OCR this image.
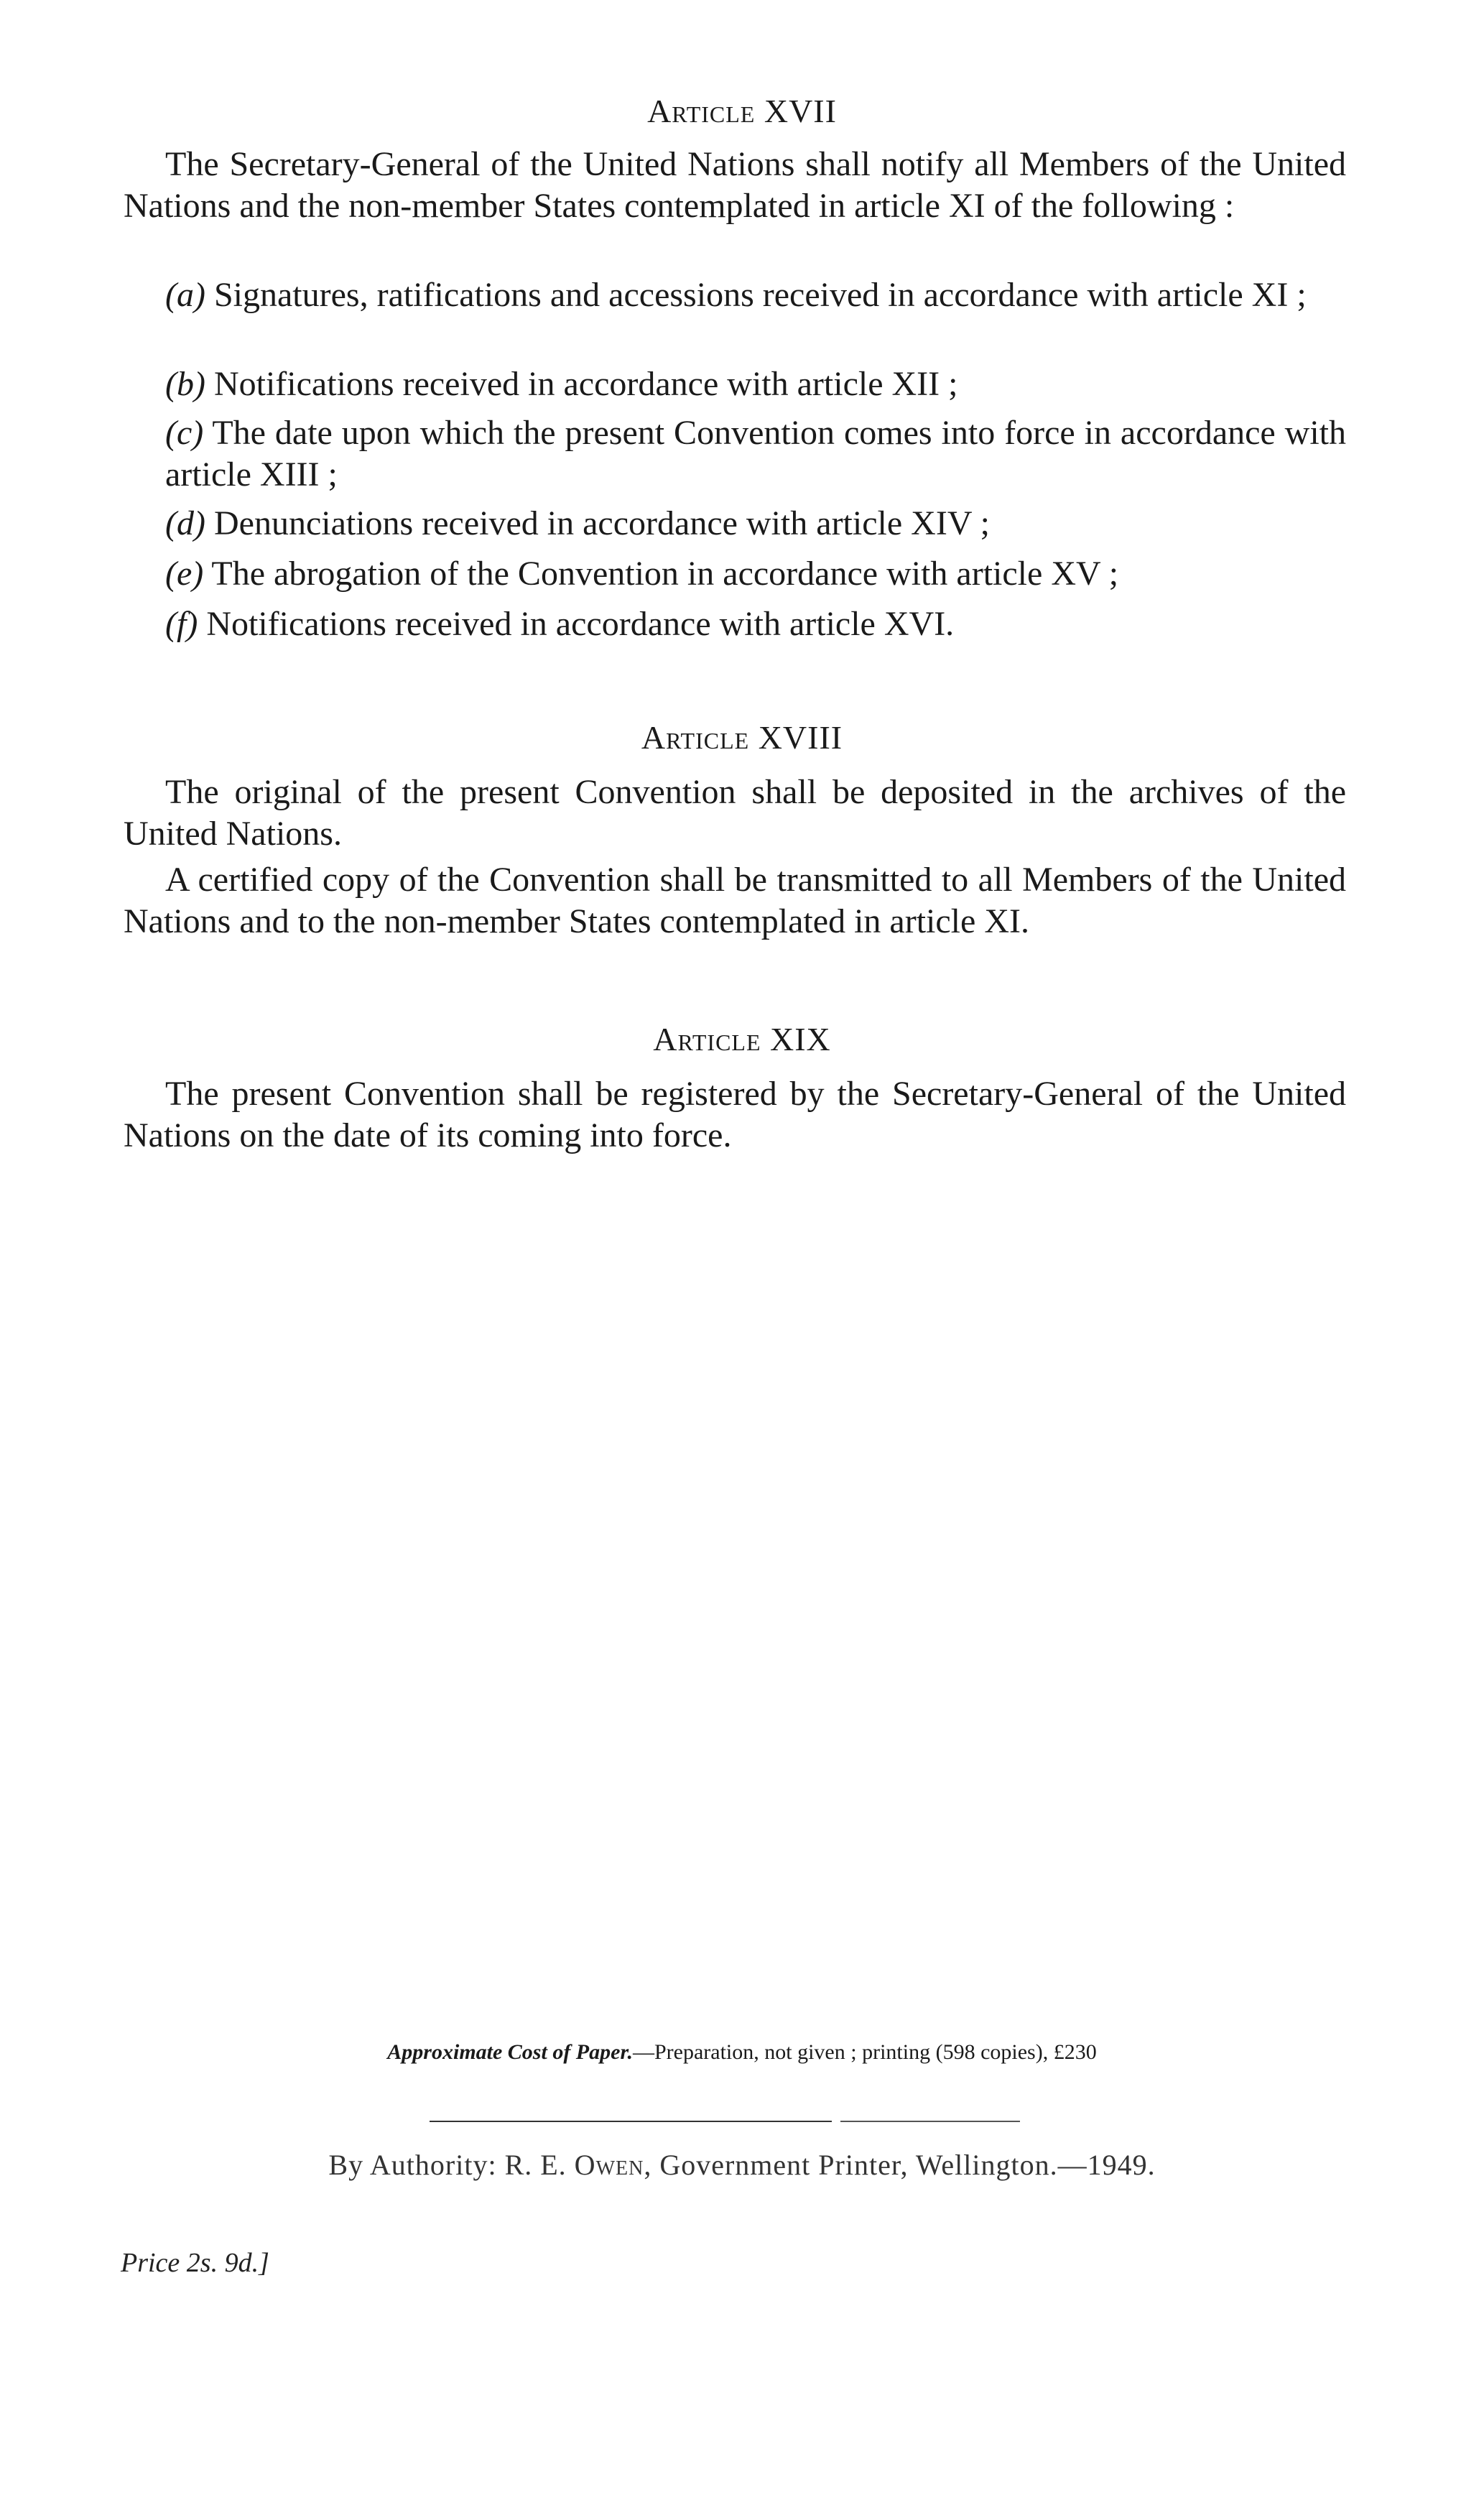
Article XVII

The Secretary-General of the United Nations shall notify all Members of the United Nations and the non-member States contemplated in article XI of the following :

(a) Signatures, ratifications and accessions received in accordance with article XI ;

(b) Notifications received in accordance with article XII ;

(c) The date upon which the present Convention comes into force in accordance with article XIII ;

(d) Denunciations received in accordance with article XIV ;

(e) The abrogation of the Convention in accordance with article XV ;

(f) Notifications received in accordance with article XVI.

Article XVIII

The original of the present Convention shall be deposited in the archives of the United Nations.

A certified copy of the Convention shall be transmitted to all Members of the United Nations and to the non-member States contemplated in article XI.

Article XIX

The present Convention shall be registered by the Secretary-General of the United Nations on the date of its coming into force.

Approximate Cost of Paper.—Preparation, not given ; printing (598 copies), £230
By Authority: R. E. Owen, Government Printer, Wellington.—1949.
Price 2s. 9d.]
